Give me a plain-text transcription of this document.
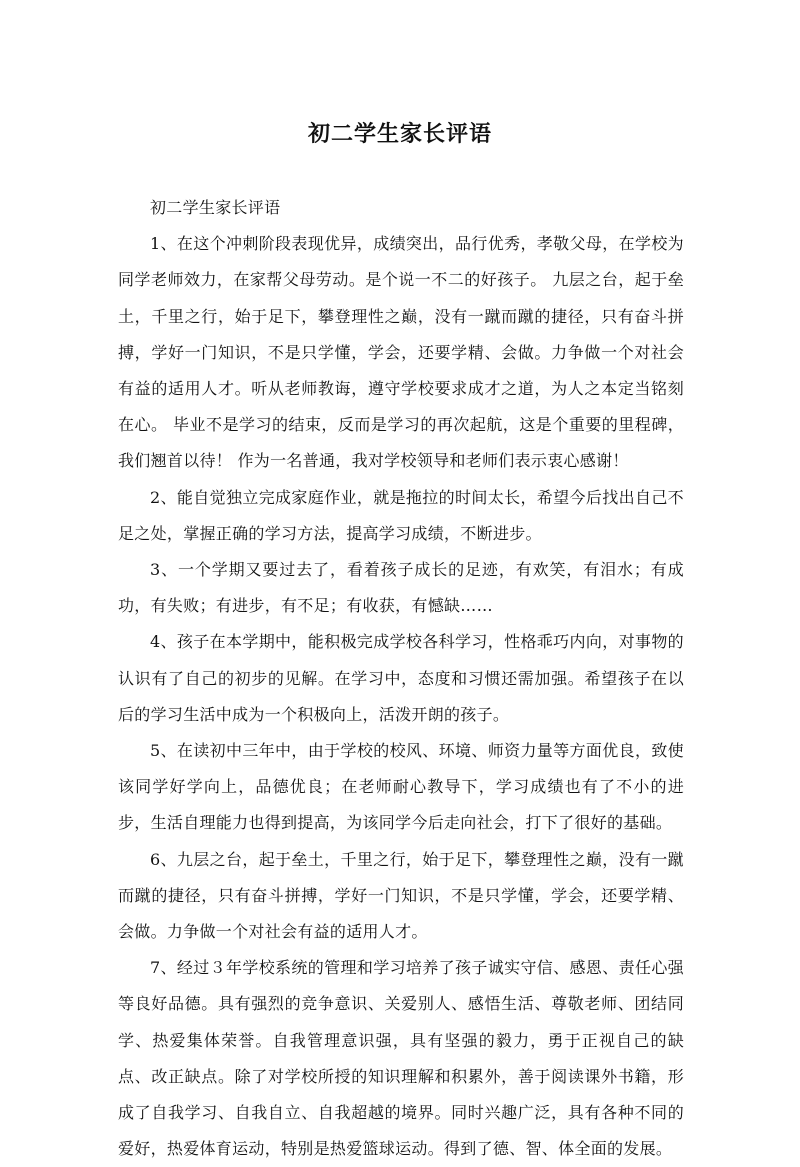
初二学生家长评语

初二学生家长评语

1、在这个冲刺阶段表现优异，成绩突出，品行优秀，孝敬父母，在学校为同学老师效力，在家帮父母劳动。是个说一不二的好孩子。 九层之台，起于垒土，千里之行，始于足下，攀登理性之巅，没有一蹴而蹴的捷径，只有奋斗拼搏，学好一门知识，不是只学懂，学会，还要学精、会做。力争做一个对社会有益的适用人才。听从老师教诲，遵守学校要求成才之道，为人之本定当铭刻在心。 毕业不是学习的结束，反而是学习的再次起航，这是个重要的里程碑，我们翘首以待！ 作为一名普通，我对学校领导和老师们表示衷心感谢！

2、能自觉独立完成家庭作业，就是拖拉的时间太长，希望今后找出自己不足之处，掌握正确的学习方法，提高学习成绩，不断进步。

3、一个学期又要过去了，看着孩子成长的足迹，有欢笑，有泪水；有成功，有失败；有进步，有不足；有收获，有憾缺……

4、孩子在本学期中，能积极完成学校各科学习，性格乖巧内向，对事物的认识有了自己的初步的见解。在学习中，态度和习惯还需加强。希望孩子在以后的学习生活中成为一个积极向上，活泼开朗的孩子。

5、在读初中三年中，由于学校的校风、环境、师资力量等方面优良，致使该同学好学向上，品德优良；在老师耐心教导下，学习成绩也有了不小的进步，生活自理能力也得到提高，为该同学今后走向社会，打下了很好的基础。

6、九层之台，起于垒土，千里之行，始于足下，攀登理性之巅，没有一蹴而蹴的捷径，只有奋斗拼搏，学好一门知识，不是只学懂，学会，还要学精、会做。力争做一个对社会有益的适用人才。

7、经过３年学校系统的管理和学习培养了孩子诚实守信、感恩、责任心强等良好品德。具有强烈的竞争意识、关爱别人、感悟生活、尊敬老师、团结同学、热爱集体荣誉。自我管理意识强，具有坚强的毅力，勇于正视自己的缺点、改正缺点。除了对学校所授的知识理解和积累外，善于阅读课外书籍，形成了自我学习、自我自立、自我超越的境界。同时兴趣广泛，具有各种不同的爱好，热爱体育运动，特别是热爱篮球运动。得到了德、智、体全面的发展。
